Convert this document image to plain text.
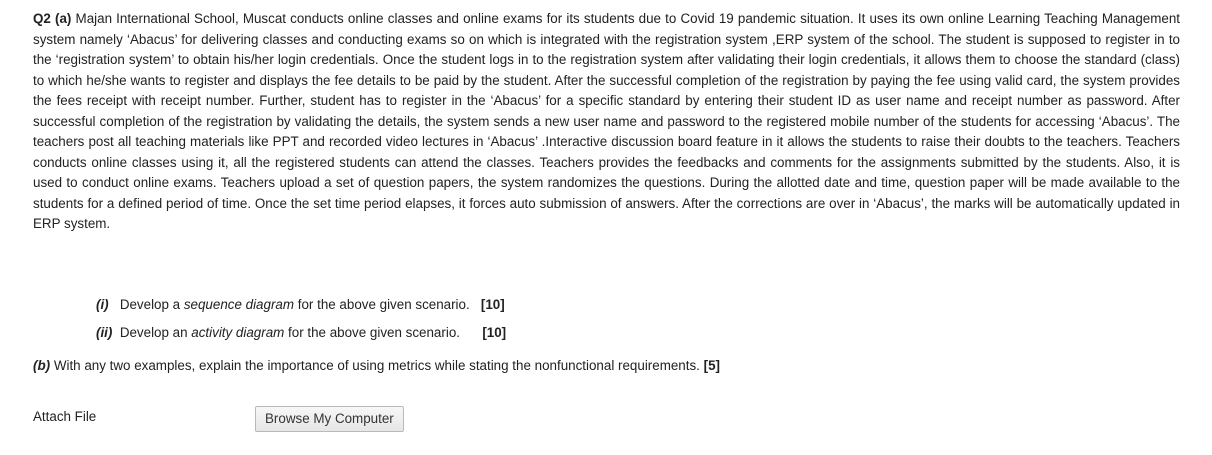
Q2 (a) Majan International School, Muscat conducts online classes and online exams for its students due to Covid 19 pandemic situation. It uses its own online Learning Teaching Management system namely ‘Abacus’ for delivering classes and conducting exams so on which is integrated with the registration system ,ERP system of the school. The student is supposed to register in to the ‘registration system’ to obtain his/her login credentials. Once the student logs in to the registration system after validating their login credentials, it allows them to choose the standard (class) to which he/she wants to register and displays the fee details to be paid by the student. After the successful completion of the registration by paying the fee using valid card, the system provides the fees receipt with receipt number. Further, student has to register in the ‘Abacus’ for a specific standard by entering their student ID as user name and receipt number as password. After successful completion of the registration by validating the details, the system sends a new user name and password to the registered mobile number of the students for accessing ‘Abacus’. The teachers post all teaching materials like PPT and recorded video lectures in ‘Abacus’ .Interactive discussion board feature in it allows the students to raise their doubts to the teachers. Teachers conducts online classes using it, all the registered students can attend the classes. Teachers provides the feedbacks and comments for the assignments submitted by the students. Also, it is used to conduct online exams. Teachers upload a set of question papers, the system randomizes the questions. During the allotted date and time, question paper will be made available to the students for a defined period of time. Once the set time period elapses, it forces auto submission of answers. After the corrections are over in ‘Abacus’, the marks will be automatically updated in ERP system.

(i) Develop a sequence diagram for the above given scenario. [10]
(ii) Develop an activity diagram for the above given scenario. [10]
(b) With any two examples, explain the importance of using metrics while stating the nonfunctional requirements. [5]
Attach File	Browse My Computer
